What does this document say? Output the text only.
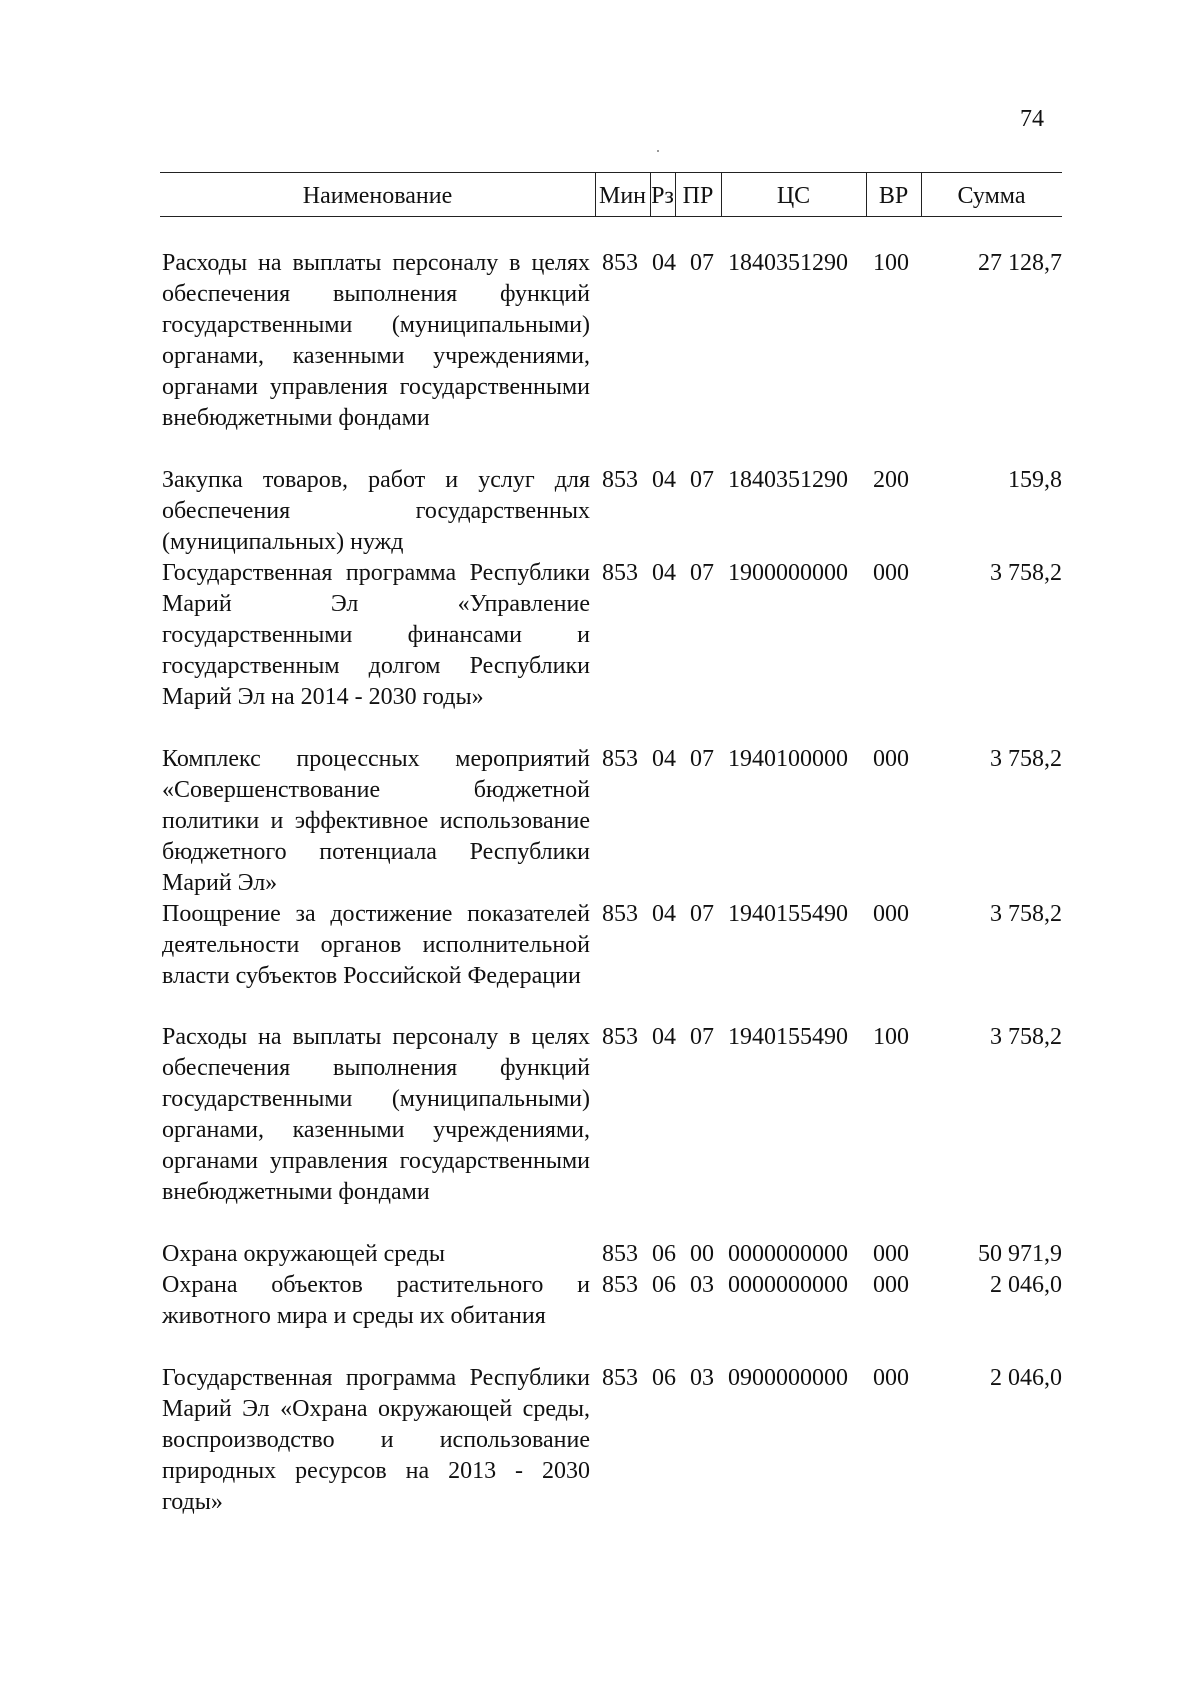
74
Наименование	Мин Рз ПР	ЦС	ВР	Сумма
Расходы на выплаты персоналу в целях обеспечения выполнения функций государственными (муниципальными) органами, казенными учреждениями, органами управления государственными внебюджетными фондами
853 04 07 1840351290 100	27 128,7
Закупка товаров, работ и услуг для обеспечения государственных (муниципальных) нужд
853 04 07 1840351290 200	159,8
Государственная программа Республики Марий Эл «Управление государственными финансами и государственным долгом Республики Марий Эл на 2014 - 2030 годы»
853 04 07 1900000000 000	3 758,2
Комплекс процессных мероприятий «Совершенствование бюджетной политики и эффективное использование бюджетного потенциала Республики Марий Эл»
853 04 07 1940100000 000	3 758,2
Поощрение за достижение показателей деятельности органов исполнительной власти субъектов Российской Федерации
853 04 07 1940155490 000	3 758,2
Расходы на выплаты персоналу в целях обеспечения выполнения функций государственными (муниципальными) органами, казенными учреждениями, органами управления государственными внебюджетными фондами
853 04 07 1940155490 100	3 758,2
Охрана окружающей среды	853 06 00 0000000000 000	50 971,9
Охрана объектов растительного и животного мира и среды их обитания
853 06 03 0000000000 000	2 046,0
Государственная программа Республики Марий Эл «Охрана окружающей среды, воспроизводство и использование природных ресурсов на 2013 - 2030 годы»
853 06 03 0900000000 000	2 046,0
